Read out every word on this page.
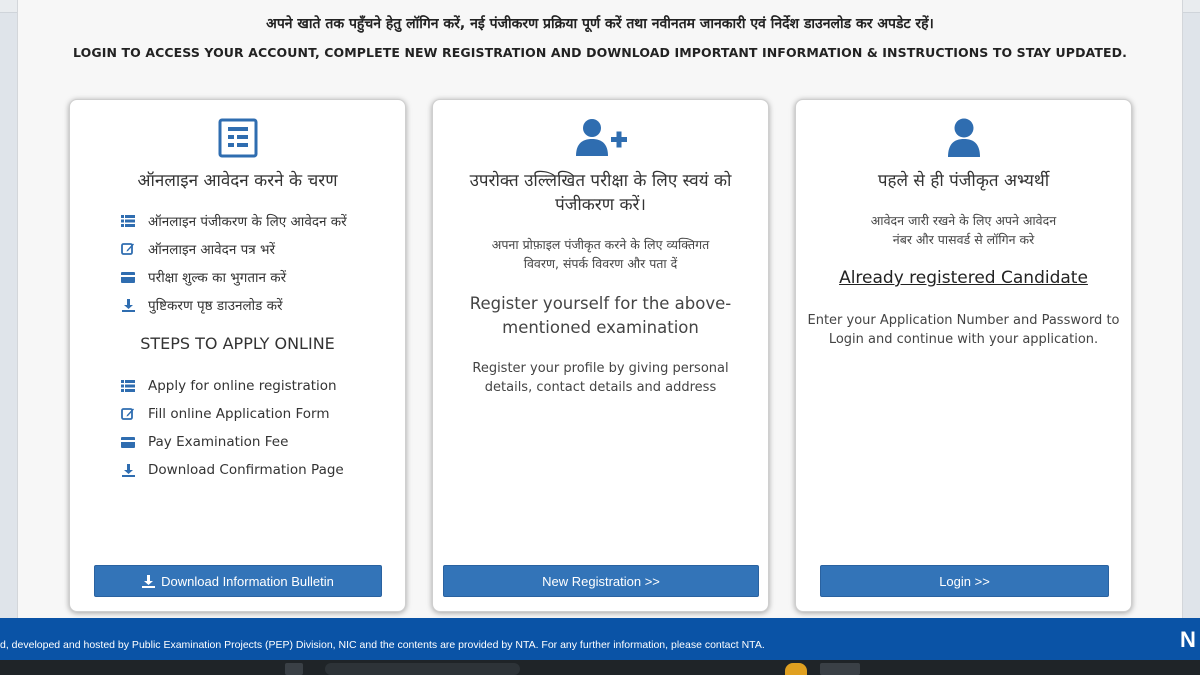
अपने खाते तक पहुँचने हेतु लॉगिन करें, नई पंजीकरण प्रक्रिया पूर्ण करें तथा नवीनतम जानकारी एवं निर्देश डाउनलोड कर अपडेट रहें।
LOGIN TO ACCESS YOUR ACCOUNT, COMPLETE NEW REGISTRATION AND DOWNLOAD IMPORTANT INFORMATION & INSTRUCTIONS TO STAY UPDATED.
ऑनलाइन आवेदन करने के चरण
ऑनलाइन पंजीकरण के लिए आवेदन करें
ऑनलाइन आवेदन पत्र भरें
परीक्षा शुल्क का भुगतान करें
पुष्टिकरण पृष्ठ डाउनलोड करें
STEPS TO APPLY ONLINE
Apply for online registration
Fill online Application Form
Pay Examination Fee
Download Confirmation Page
Download Information Bulletin
उपरोक्त उल्लिखित परीक्षा के लिए स्वयं को
पंजीकरण करें।
अपना प्रोफ़ाइल पंजीकृत करने के लिए व्यक्तिगत
विवरण, संपर्क विवरण और पता दें
Register yourself for the above-
mentioned examination
Register your profile by giving personal
details, contact details and address
New Registration >>
पहले से ही पंजीकृत अभ्यर्थी
आवेदन जारी रखने के लिए अपने आवेदन
नंबर और पासवर्ड से लॉगिन करे
Already registered Candidate
Enter your Application Number and Password to
Login and continue with your application.
Login >>
d, developed and hosted by Public Examination Projects (PEP) Division, NIC and the contents are provided by NTA. For any further information, please contact NTA.	N
